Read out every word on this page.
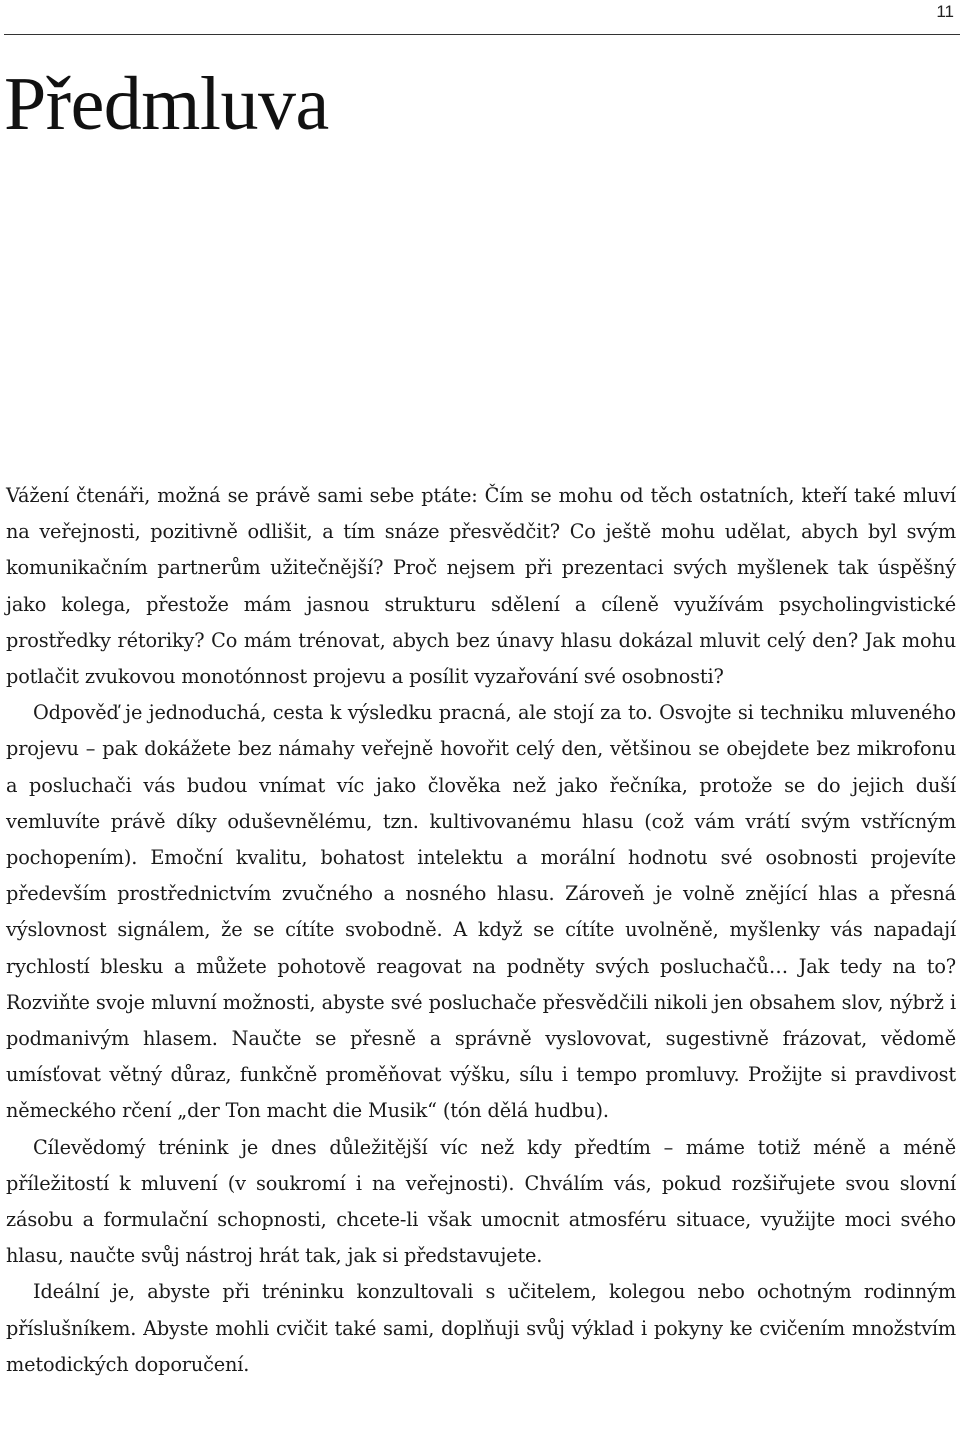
11
Předmluva

Vážení čtenáři, možná se právě sami sebe ptáte: Čím se mohu od těch ostatních, kteří také mluví na veřejnosti, pozitivně odlišit, a tím snáze přesvědčit? Co ještě mohu udělat, abych byl svým komunikačním partnerům užitečnější? Proč nejsem při prezentaci svých myšlenek tak úspěšný jako kolega, přestože mám jasnou strukturu sdělení a cíleně využívám psycholingvistické prostředky rétoriky? Co mám trénovat, abych bez únavy hlasu dokázal mluvit celý den? Jak mohu potlačit zvukovou monotónnost projevu a posílit vyzařování své osobnosti?

Odpověď je jednoduchá, cesta k výsledku pracná, ale stojí za to. Osvojte si techniku mluveného projevu – pak dokážete bez námahy veřejně hovořit celý den, většinou se obejdete bez mikrofonu a posluchači vás budou vnímat víc jako člověka než jako řečníka, protože se do jejich duší vemluvíte právě díky oduševnělému, tzn. kultivovanému hlasu (což vám vrátí svým vstřícným pochopením). Emoční kvalitu, bohatost intelektu a morální hodnotu své osobnosti projevíte především prostřednictvím zvučného a nosného hlasu. Zároveň je volně znějící hlas a přesná výslovnost signálem, že se cítíte svobodně. A když se cítíte uvolněně, myšlenky vás napadají rychlostí blesku a můžete pohotově reagovat na podněty svých posluchačů… Jak tedy na to? Rozviňte svoje mluvní možnosti, abyste své posluchače přesvědčili nikoli jen obsahem slov, nýbrž i podmanivým hlasem. Naučte se přesně a správně vyslovovat, sugestivně frázovat, vědomě umísťovat větný důraz, funkčně proměňovat výšku, sílu i tempo promluvy. Prožijte si pravdivost německého rčení „der Ton macht die Musik“ (tón dělá hudbu).

Cílevědomý trénink je dnes důležitější víc než kdy předtím – máme totiž méně a méně příležitostí k mluvení (v soukromí i na veřejnosti). Chválím vás, pokud rozšiřujete svou slovní zásobu a formulační schopnosti, chcete-li však umocnit atmosféru situace, využijte moci svého hlasu, naučte svůj nástroj hrát tak, jak si představujete.

Ideální je, abyste při tréninku konzultovali s učitelem, kolegou nebo ochotným rodinným příslušníkem. Abyste mohli cvičit také sami, doplňuji svůj výklad i pokyny ke cvičením množstvím metodických doporučení.
